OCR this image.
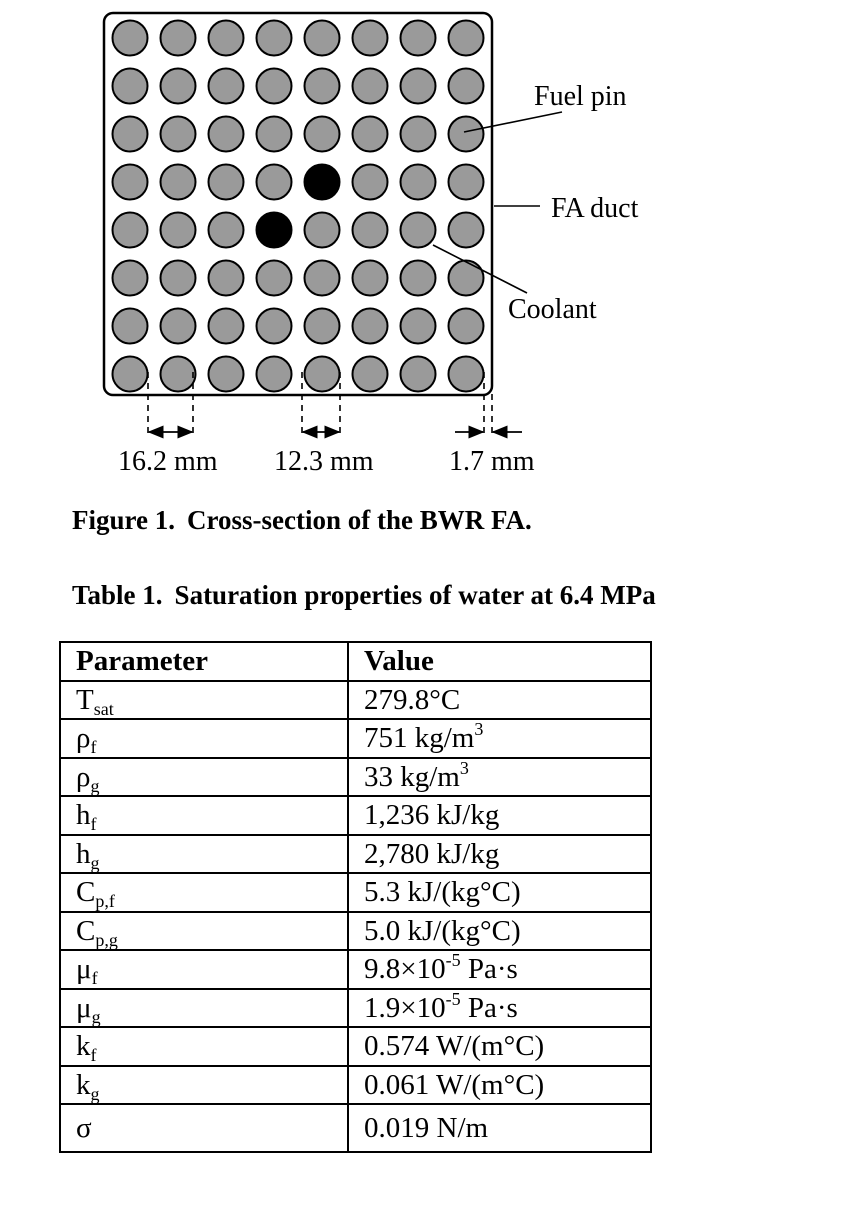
Fuel pin
FA duct
Coolant
16.2 mm 12.3 mm	1.7 mm
Figure 1. Cross-section of the BWR FA.
Table 1. Saturation properties of water at 6.4 MPa
Parameter	Value
$T_{sat}$	279.8°C
$\rho_f$	751 $kg/m^3$
$\rho_g$	33 $kg/m^3$
$h_f$	1,236 kJ/kg
$h_g$	2,780 kJ/kg
$C_{p,f}$	5.3 kJ/(kg°C)
$C_{p,g}$	5.0 kJ/(kg°C)
$\mu_f$	$9.8\times 10^{-5}$ Pa·s
$\mu_g$	$1.9\times 10^{-5}$ Pa·s
$k_f$	0.574 W/(m°C)
$k_g$	0.061 W/(m°C)
σ	0.019 N/m
